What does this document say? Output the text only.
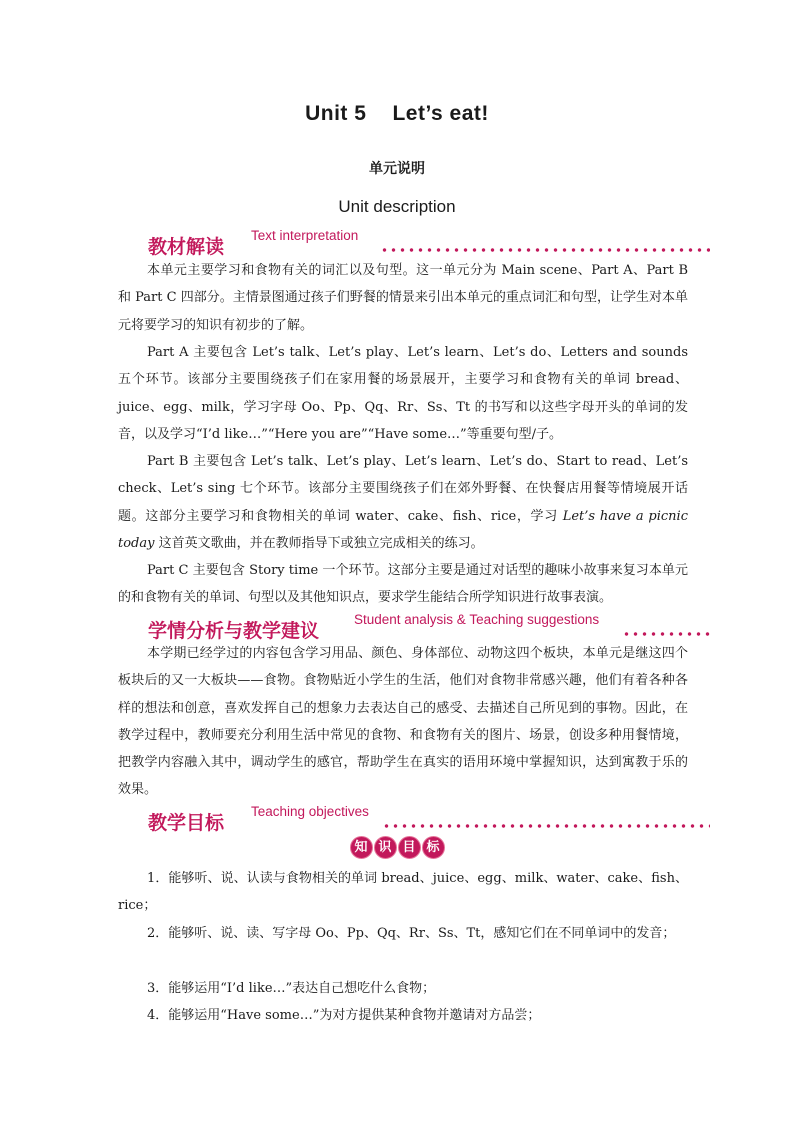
Unit 5 Let’s eat!
单元说明
Unit description
教材解读
Text interpretation

本单元主要学习和食物有关的词汇以及句型。这一单元分为 Main scene、Part A、Part B 和 Part C 四部分。主情景图通过孩子们野餐的情景来引出本单元的重点词汇和句型，让学生对本单元将要学习的知识有初步的了解。

Part A 主要包含 Let’s talk、Let’s play、Let’s learn、Let’s do、Letters and sounds 五个环节。该部分主要围绕孩子们在家用餐的场景展开，主要学习和食物有关的单词 bread、juice、egg、milk，学习字母 Oo、Pp、Qq、Rr、Ss、Tt 的书写和以这些字母开头的单词的发音，以及学习“I’d like…”“Here you are”“Have some…”等重要句型/子。

Part B 主要包含 Let’s talk、Let’s play、Let’s learn、Let’s do、Start to read、Let’s check、Let’s sing 七个环节。该部分主要围绕孩子们在郊外野餐、在快餐店用餐等情境展开话题。这部分主要学习和食物相关的单词 water、cake、fish、rice，学习 Let’s have a picnic today 这首英文歌曲，并在教师指导下或独立完成相关的练习。

Part C 主要包含 Story time 一个环节。这部分主要是通过对话型的趣味小故事来复习本单元的和食物有关的单词、句型以及其他知识点，要求学生能结合所学知识进行故事表演。

学情分析与教学建议
Student analysis & Teaching suggestions

本学期已经学过的内容包含学习用品、颜色、身体部位、动物这四个板块，本单元是继这四个板块后的又一大板块——食物。食物贴近小学生的生活，他们对食物非常感兴趣，他们有着各种各样的想法和创意，喜欢发挥自己的想象力去表达自己的感受、去描述自己所见到的事物。因此，在教学过程中，教师要充分利用生活中常见的食物、和食物有关的图片、场景，创设多种用餐情境，把教学内容融入其中，调动学生的感官，帮助学生在真实的语用环境中掌握知识，达到寓教于乐的效果。

教学目标
Teaching objectives
知 识 目 标

1．能够听、说、认读与食物相关的单词 bread、juice、egg、milk、water、cake、fish、rice；

2．能够听、说、读、写字母 Oo、Pp、Qq、Rr、Ss、Tt，感知它们在不同单词中的发音；

3．能够运用“I’d like…”表达自己想吃什么食物；

4．能够运用“Have some…”为对方提供某种食物并邀请对方品尝；
